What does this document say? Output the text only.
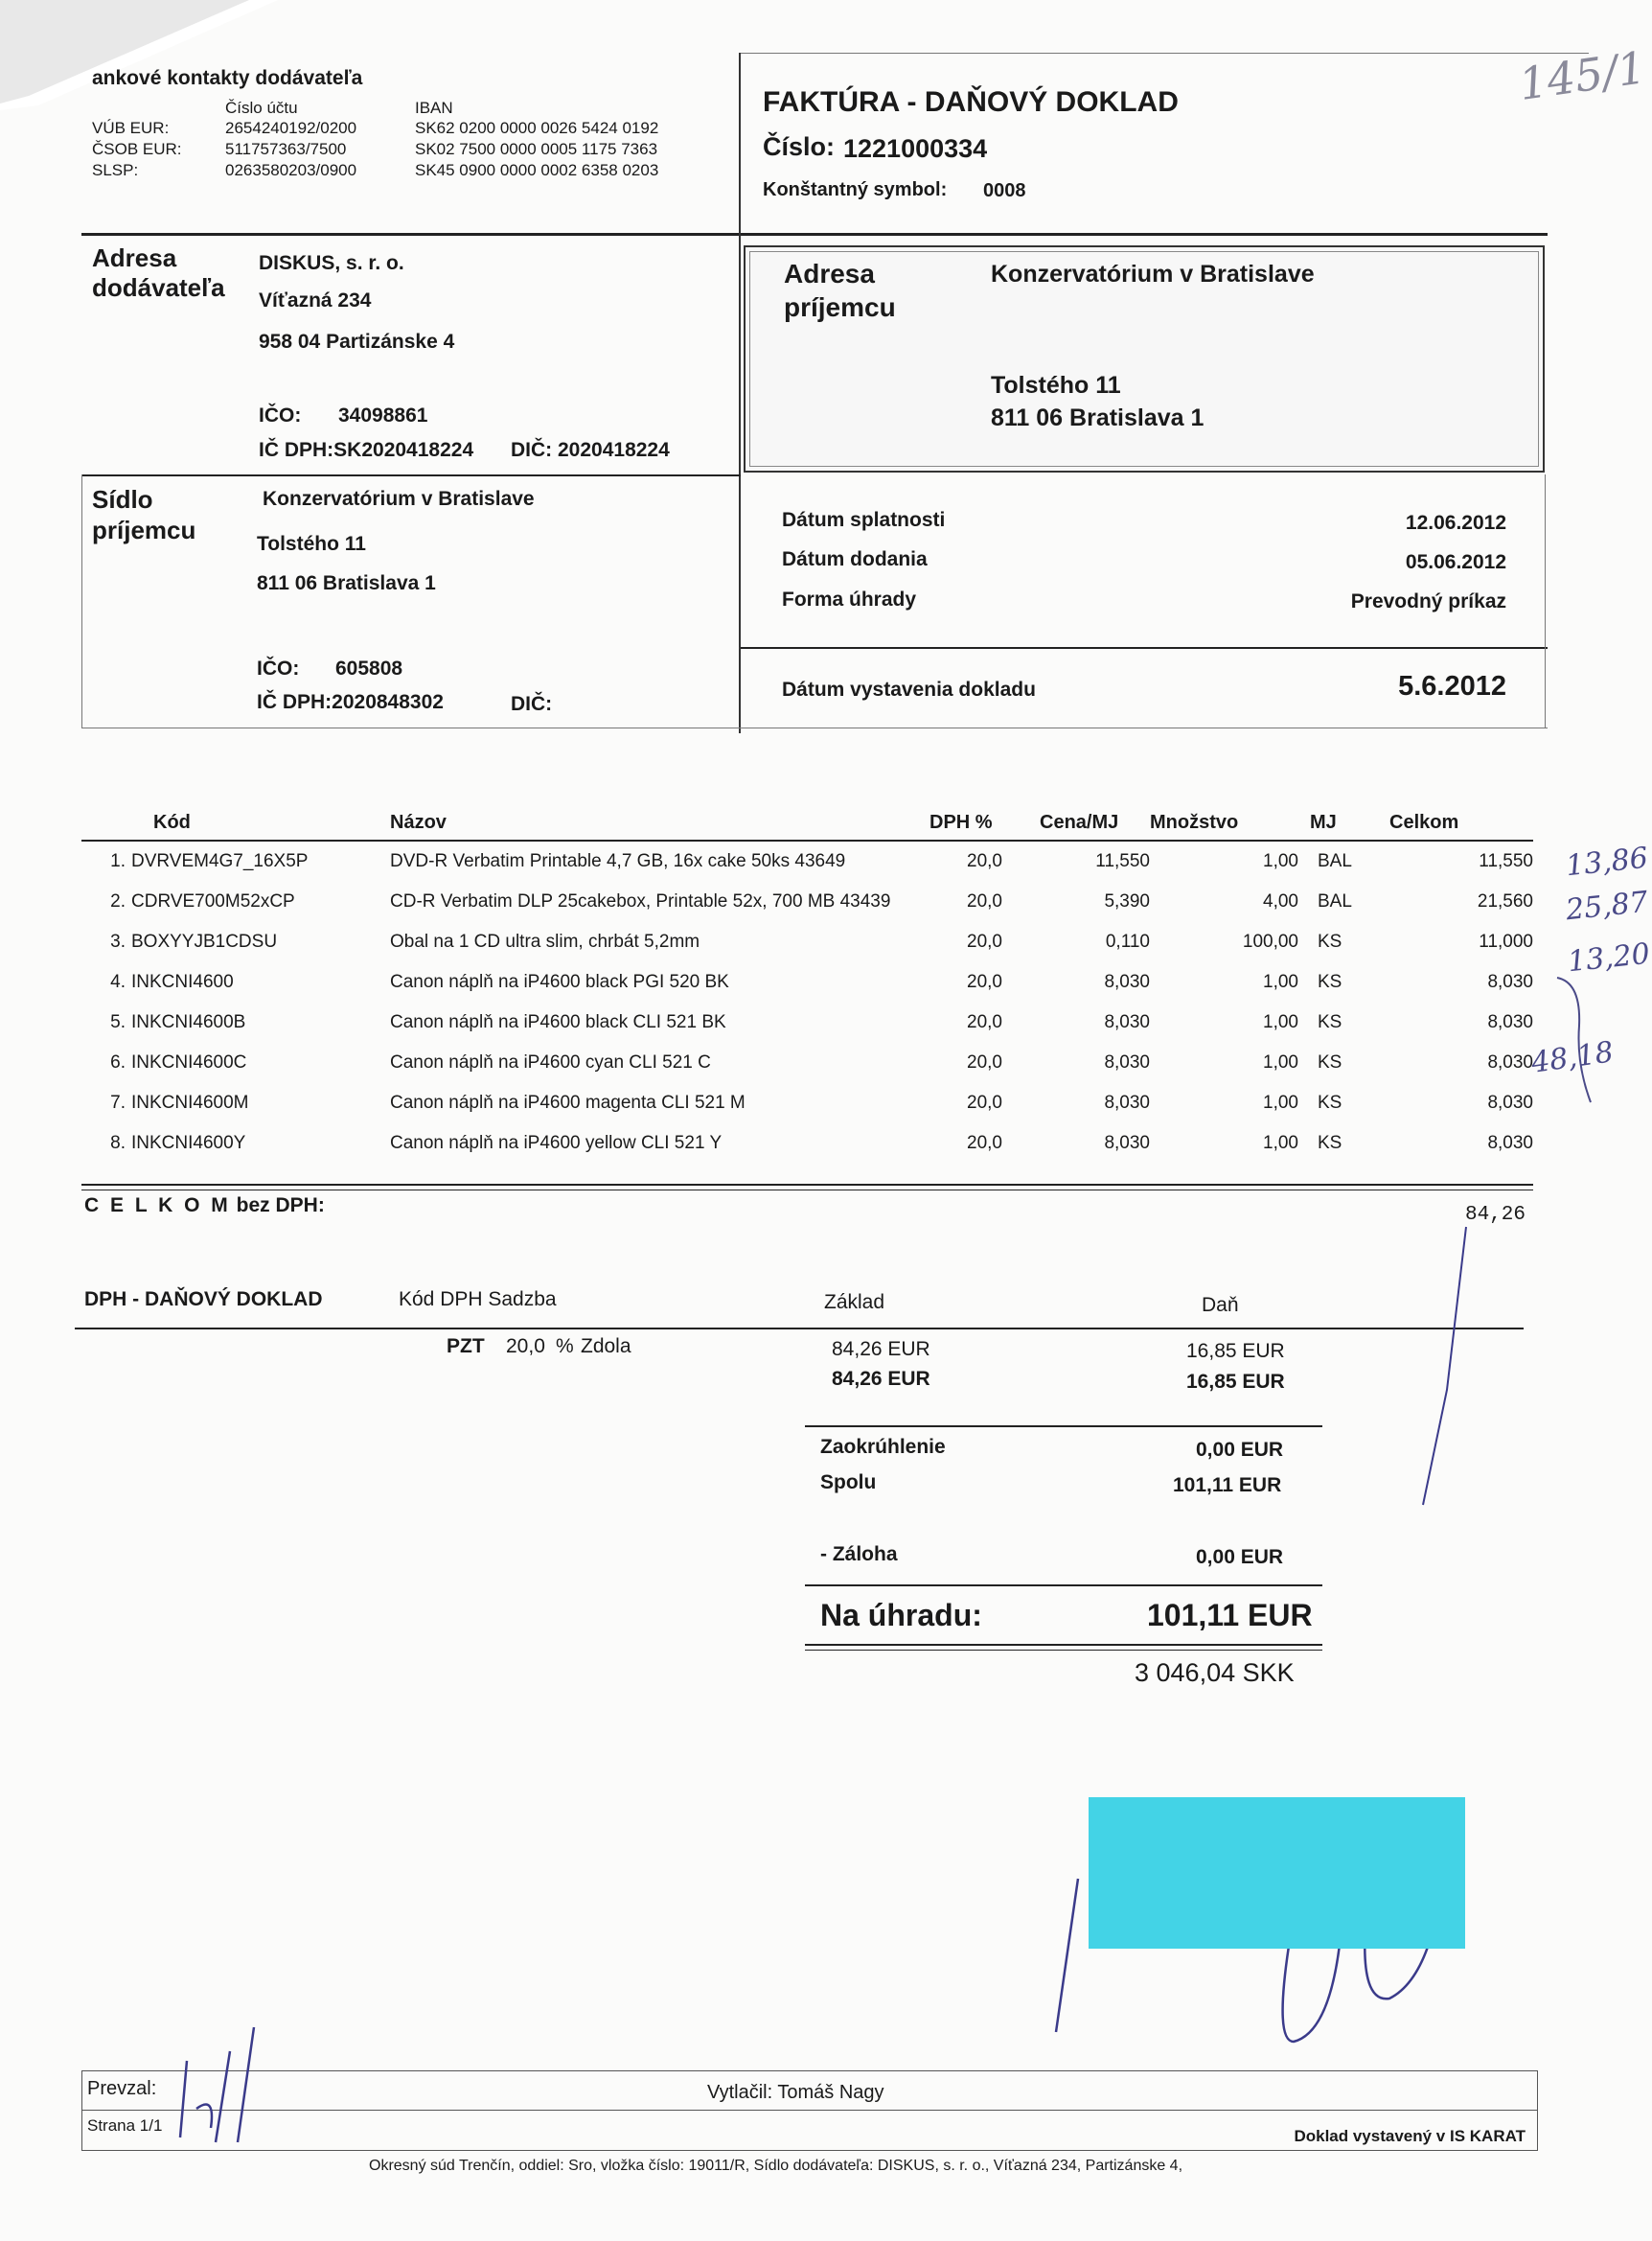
ankové kontakty dodávateľa
Číslo účtu	IBAN
VÚB EUR:	2654240192/0200	SK62 0200 0000 0026 5424 0192
ČSOB EUR:	511757363/7500	SK02 7500 0000 0005 1175 7363
SLSP:	0263580203/0900	SK45 0900 0000 0002 6358 0203
FAKTÚRA - DAŇOVÝ DOKLAD
Číslo: 1221000334
Konštantný symbol: 0008
Adresa
dodávateľa
DISKUS, s. r. o.
Víťazná 234
958 04 Partizánske 4
IČO: 34098861
IČ DPH:SK2020418224 DIČ: 2020418224
Adresa
príjemcu
Konzervatórium v Bratislave
Tolstého 11
811 06 Bratislava 1
Sídlo
príjemcu
Konzervatórium v Bratislave
Tolstého 11
811 06 Bratislava 1
IČO: 605808
IČ DPH:2020848302	DIČ:
Dátum splatnosti	12.06.2012
Dátum dodania	05.06.2012
Forma úhrady	Prevodný príkaz
Dátum vystavenia dokladu	5.6.2012
Kód	Názov	DPH %	Cena/MJ	Množstvo	MJ	Celkom
1. DVRVEM4G7_16X5P	DVD-R Verbatim Printable 4,7 GB, 16x cake 50ks 43649	20,0	11,550	1,00	BAL	11,550
2. CDRVE700M52xCP	CD-R Verbatim DLP 25cakebox, Printable 52x, 700 MB 43439	20,0	5,390	4,00	BAL	21,560
3. BOXYYJB1CDSU	Obal na 1 CD ultra slim, chrbát 5,2mm	20,0	0,110	100,00	KS	11,000
4. INKCNI4600	Canon náplň na iP4600 black PGI 520 BK	20,0	8,030	1,00	KS	8,030
5. INKCNI4600B	Canon náplň na iP4600 black CLI 521 BK	20,0	8,030	1,00	KS	8,030
6. INKCNI4600C	Canon náplň na iP4600 cyan CLI 521 C	20,0	8,030	1,00	KS	8,030
7. INKCNI4600M	Canon náplň na iP4600 magenta CLI 521 M	20,0	8,030	1,00	KS	8,030
8. INKCNI4600Y	Canon náplň na iP4600 yellow CLI 521 Y	20,0	8,030	1,00	KS	8,030
C E L K O M bez DPH:	84,26
DPH - DAŇOVÝ DOKLAD	Kód DPH Sadzba	Základ	Daň
PZT 20,0 % Zdola	84,26 EUR	16,85 EUR
84,26 EUR	16,85 EUR
Zaokrúhlenie	0,00 EUR
Spolu	101,11 EUR
- Záloha	0,00 EUR
Na úhradu:	101,11 EUR
3 046,04 SKK
145/1
13,86
25,87
13,20
48,18
Prevzal:	Vytlačil: Tomáš Nagy
Strana 1/1
Doklad vystavený v IS KARAT
Okresný súd Trenčín, oddiel: Sro, vložka číslo: 19011/R, Sídlo dodávateľa: DISKUS, s. r. o., Víťazná 234, Partizánske 4,
